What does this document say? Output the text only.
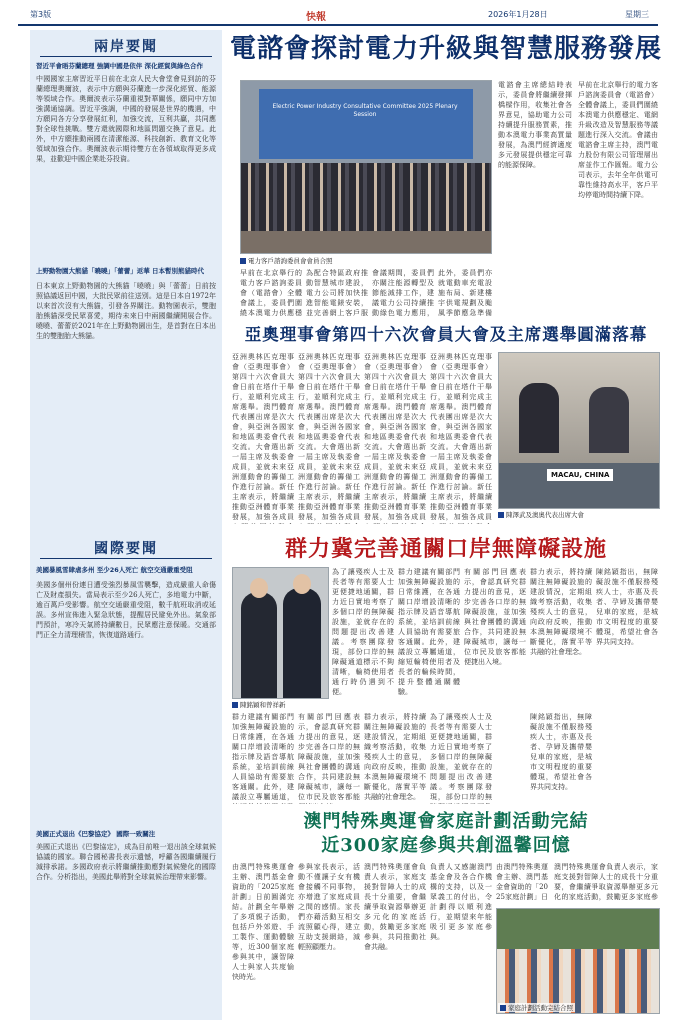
第3版	快報	2026年1月28日	星期三
兩岸要聞
習近平會晤芬蘭總理 強調中國是依伴 深化經貿與綠色合作
中國國家主席習近平日前在北京人民大會堂會見到訪的芬蘭總理奧爾波，表示中方願與芬蘭進一步深化經貿、能源等領域合作。奧爾波表示芬蘭重視對華關係，願同中方加強溝通協調。習近平強調，中國的發展是世界的機遇，中方願同各方分享發展紅利，加強交流，互利共贏，共同應對全球性挑戰。雙方還就國際和地區問題交換了意見。此外，中方願推動兩國在清潔能源、科技創新、教育文化等領域加強合作。奧爾波表示期待雙方在各領域取得更多成果，並歡迎中國企業赴芬投資。
上野動物園大熊貓「曉曉」「蕾蕾」返華 日本暫別熊貓時代
日本東京上野動物園的大熊貓「曉曉」與「蕾蕾」日前按照協議返回中國，大批民眾前往送別。這是日本自1972年以來首次沒有大熊貓，引發各界關注。動物園表示，雙胞胎熊貓深受民眾喜愛，期待未來日中兩國繼續開展合作。曉曉、蕾蕾於2021年在上野動物園出生，是首對在日本出生的雙胞胎大熊貓。
國際要聞
美國暴風雪肆虐多州 至少26人死亡 航空交通嚴重受阻
美國多個州份連日遭受強烈暴風雪襲擊，造成嚴重人命傷亡及財產損失。當局表示至少26人死亡，多地電力中斷，逾百萬戶受影響。航空交通嚴重受阻，數千航班取消或延誤。多州宣佈進入緊急狀態，提醒居民避免外出。氣象部門預計，寒冷天氣將持續數日，民眾應注意保暖。交通部門正全力清理積雪，恢復道路通行。
美國正式退出《巴黎協定》 國際一致關注
美國正式退出《巴黎協定》，成為目前唯一退出該全球氣候協議的國家。聯合國秘書長表示遺憾，呼籲各國繼續履行減排承諾。多國政府表示將繼續推動應對氣候變化的國際合作。分析指出，美國此舉將對全球氣候治理帶來影響。
電諮會探討電力升級與智慧服務發展
Electric Power Industry Consultative Committee 2025 Plenary Session
電力客戶諮詢委員會會員合照
早前在北京舉行的電力客戶諮詢委員會（電諮會）全體會議上，委員們圍繞本澳電力供應穩
為配合特區政府推動智慧城市建設，電力公司將加快推進智能電錶安裝，並完善網上客戶服
會議期間，委員們亦關注能源轉型及節能減排工作，建議電力公司持續推動綠色電力應用，
此外，委員們亦就電動車充電設施布局、新建樓宇供電規劃及颱風季節應急準備
電諮會主席總結時表示，委員會將繼續發揮橋樑作用，收集社會各界意見，協助電力公司持續提升服務質素，推動本澳電力事業高質量發展，為澳門經濟適度多元發展提供穩定可靠的能源保障。
早前在北京舉行的電力客戶諮詢委員會（電諮會）全體會議上，委員們圍繞本澳電力供應穩定、電網升級改造及智慧服務等議題進行深入交流。會議由電諮會主席主持，澳門電力股份有限公司管理層出席並作工作匯報。電力公司表示，去年全年供電可靠性維持高水平，客戶平均停電時間持續下降。
亞奧理事會第四十六次會員大會及主席選舉圓滿落幕
亞洲奧林匹克理事會（亞奧理事會）第四十六次會員大會日前在塔什干舉行，並順利完成主席選舉。澳門體育代表團出席是次大會，與亞洲各國家和地區奧委會代表交流。大會選出新一屆主席及執委會成員，並就未來亞洲運動會的籌備工作進行討論。新任主席表示，將繼續推動亞洲體育事業發展，加強各成員
亞洲奧林匹克理事會（亞奧理事會）第四十六次會員大會日前在塔什干舉行，並順利完成主席選舉。澳門體育代表團出席是次大會，與亞洲各國家和地區奧委會代表交流。大會選出新一屆主席及執委會成員，並就未來亞洲運動會的籌備工作進行討論。新任主席表示，將繼續推動亞洲體育事業發展，加強各成員
亞洲奧林匹克理事會（亞奧理事會）第四十六次會員大會日前在塔什干舉行，並順利完成主席選舉。澳門體育代表團出席是次大會，與亞洲各國家和地區奧委會代表交流。大會選出新一屆主席及執委會成員，並就未來亞洲運動會的籌備工作進行討論。新任主席表示，將繼續推動亞洲體育事業發展，加強各成員
亞洲奧林匹克理事會（亞奧理事會）第四十六次會員大會日前在塔什干舉行，並順利完成主席選舉。澳門體育代表團出席是次大會，與亞洲各國家和地區奧委會代表交流。大會選出新一屆主席及執委會成員，並就未來亞洲運動會的籌備工作進行討論。新任主席表示，將繼續推動亞洲體育事業發展，加強各成員
MACAU, CHINA
陳澤武及澳奧代表出席大會
群力冀完善通關口岸無障礙設施
陳銘穎和曾祥新
為了讓殘疾人士及長者等有需要人士更便捷地通關，群力近日實地考察了多個口岸的無障礙設施，並就存在的問題提出改善建議。考察團隊發現，部份口岸的無障礙通道標示不夠清晰，輪椅使用者通行時仍遇到不便。
群力建議有關部門加強無障礙設施的日常維護，在各通關口岸增設清晰的指示牌及語音導航系統，並培訓前線人員協助有需要旅客通關。此外，建議設立專屬通道，縮短輪椅使用者及長者的輪候時間，提升整體通關體驗。
有關部門回應表示，會認真研究群力提出的意見，逐步完善各口岸的無障礙設施，並加強與社會團體的溝通合作，共同建設無障礙城市，讓每一位市民及旅客都能便捷出入境。
群力表示，將持續關注無障礙設施的建設情況，定期組織考察活動，收集殘疾人士的意見，向政府反映，推動本澳無障礙環境不斷優化，落實平等共融的社會理念。
陳銘穎指出，無障礙設施不僅服務殘疾人士，亦惠及長者、孕婦及攜帶嬰兒車的家庭，是城市文明程度的重要體現，希望社會各界共同支持。
群力建議有關部門加強無障礙設施的日常維護，在各通關口岸增設清晰的指示牌及語音導航系統，並培訓前線人員協助有需要旅客通關。此外，建議設立專屬通道，
有關部門回應表示，會認真研究群力提出的意見，逐步完善各口岸的無障礙設施，並加強與社會團體的溝通合作，共同建設無障礙城市，讓每一位市民及旅客都能
群力表示，將持續關注無障礙設施的建設情況，定期組織考察活動，收集殘疾人士的意見，向政府反映，推動本澳無障礙環境不斷優化，落實平等共融的社會理念。
為了讓殘疾人士及長者等有需要人士更便捷地通關，群力近日實地考察了多個口岸的無障礙設施，並就存在的問題提出改善建議。考察團隊發現，部份口岸的無
陳銘穎指出，無障礙設施不僅服務殘疾人士，亦惠及長者、孕婦及攜帶嬰兒車的家庭，是城市文明程度的重要體現，希望社會各界共同支持。
澳門特殊奧運會家庭計劃活動完結
近300家庭參與共創溫馨回憶
由澳門特殊奧運會主辦、澳門基金會資助的「2025家庭計劃」日前圓滿完結。計劃全年舉辦了多項親子活動，包括戶外郊遊、手工製作、運動體驗等，近300個家庭參與其中，讓智障人士與家人共度愉快時光。
參與家長表示，活動不僅讓子女有機會接觸不同事物，亦增進了家庭成員之間的感情。家長們亦藉活動互相交流照顧心得，建立互助支援網絡，減輕照顧壓力。
澳門特殊奧運會負責人表示，家庭支援對智障人士的成長十分重要，會繼續爭取資源舉辦更多元化的家庭活動，鼓勵更多家庭參與，共同推動社會共融。
負責人又感謝澳門基金會及各合作機構的支持，以及一眾義工的付出，令計劃得以順利進行，並期望來年能吸引更多家庭參與。
由澳門特殊奧運會主辦、澳門基金會資助的「2025家庭計劃」日
澳門特殊奧運會負責人表示，家庭支援對智障人士的成長十分重要，會繼續爭取資源舉辦更多元化的家庭活動，鼓勵更多家庭參
家庭計劃活動完結合照
